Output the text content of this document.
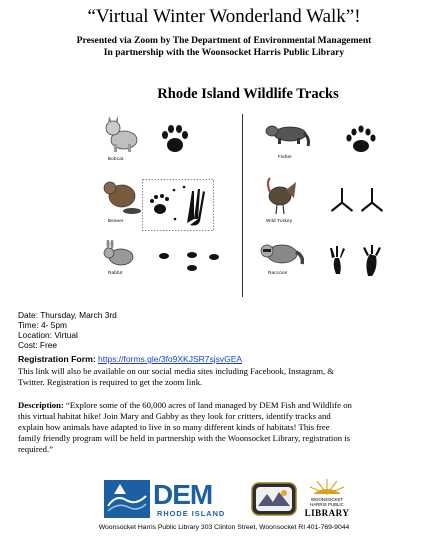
“Virtual Winter Wonderland Walk”!
Presented via Zoom by The Department of Environmental Management
In partnership with the Woonsocket Harris Public Library
Rhode Island Wildlife Tracks
Bobcat	Fisher
Beaver	Wild Turkey
Rabbit	Raccoon
Date: Thursday, March 3rd
Time: 4- 5pm
Location: Virtual
Cost: Free
Registration Form: https://forms.gle/3fo9XKJSR7sjsvGEA
This link will also be available on our social media sites including Facebook, Instagram, &
Twitter. Registration is required to get the zoom link.
Description: “Explore some of the 60,000 acres of land managed by DEM Fish and Wildlife on
this virtual habitat hike! Join Mary and Gabby as they look for critters, identify tracks and
explain how animals have adapted to live in so many different kinds of habitats! This free
family friendly program will be held in partnership with the Woonsocket Library, registration is
required.”
DEM
RHODE ISLAND
WOONSOCKET
HARRIS PUBLIC
LIBRARY
Woonsocket Harris Public Library 303 Clinton Street, Woonsocket RI 401-769-9044
